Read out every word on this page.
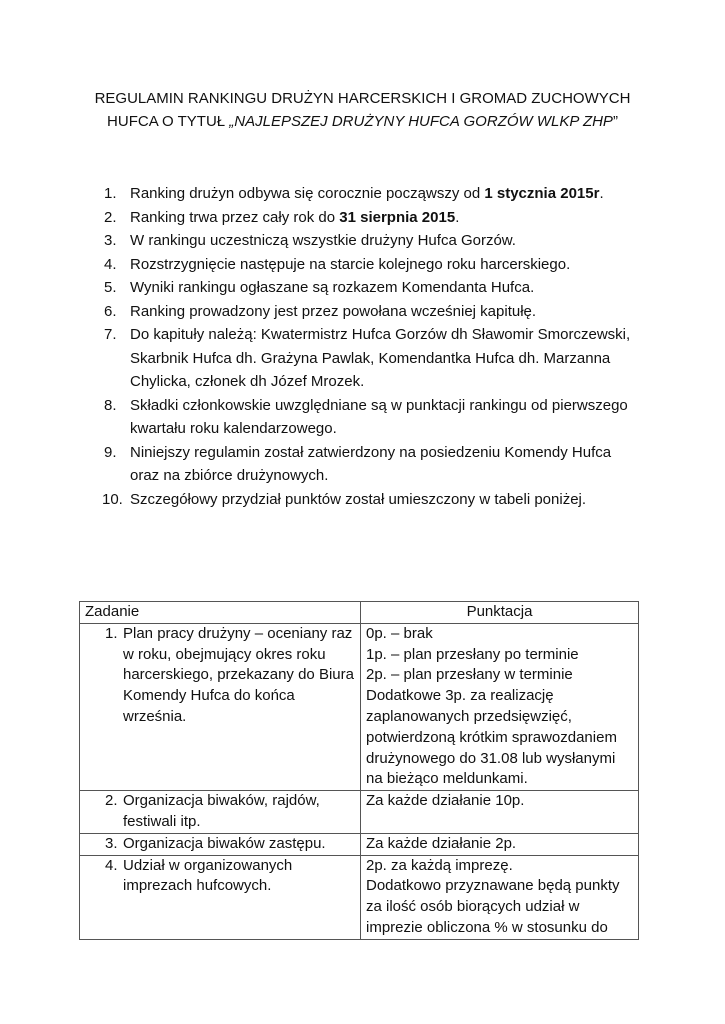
REGULAMIN RANKINGU DRUŻYN HARCERSKICH I GROMAD ZUCHOWYCH
HUFCA O TYTUŁ „NAJLEPSZEJ DRUŻYNY HUFCA GORZÓW WLKP ZHP”
1. Ranking drużyn odbywa się corocznie począwszy od 1 stycznia 2015r.
2. Ranking trwa przez cały rok do 31 sierpnia 2015.
3. W rankingu uczestniczą wszystkie drużyny Hufca Gorzów.
4. Rozstrzygnięcie następuje na starcie kolejnego roku harcerskiego.
5. Wyniki rankingu ogłaszane są rozkazem Komendanta Hufca.
6. Ranking prowadzony jest przez powołana wcześniej kapitułę.
7. Do kapituły należą: Kwatermistrz Hufca Gorzów dh Sławomir Smorczewski, Skarbnik Hufca dh. Grażyna Pawlak, Komendantka Hufca dh. Marzanna Chylicka, członek dh Józef Mrozek.
8. Składki członkowskie uwzględniane są w punktacji rankingu od pierwszego kwartału roku kalendarzowego.
9. Niniejszy regulamin został zatwierdzony na posiedzeniu Komendy Hufca oraz na zbiórce drużynowych.
10. Szczegółowy przydział punktów został umieszczony w tabeli poniżej.
Zadanie	Punktacja

1. Plan pracy drużyny – oceniany raz w roku, obejmujący okres roku harcerskiego, przekazany do Biura Komendy Hufca do końca września.	0p. – brak
1p. – plan przesłany po terminie
2p. – plan przesłany w terminie
Dodatkowe 3p. za realizację zaplanowanych przedsięwzięć, potwierdzoną krótkim sprawozdaniem drużynowego do 31.08 lub wysłanymi na bieżąco meldunkami.

2. Organizacja biwaków, rajdów, festiwali itp.	Za każde działanie 10p.

3. Organizacja biwaków zastępu.	Za każde działanie 2p.

4. Udział w organizowanych imprezach hufcowych.	2p. za każdą imprezę.
Dodatkowo przyznawane będą punkty za ilość osób biorących udział w imprezie obliczona % w stosunku do
